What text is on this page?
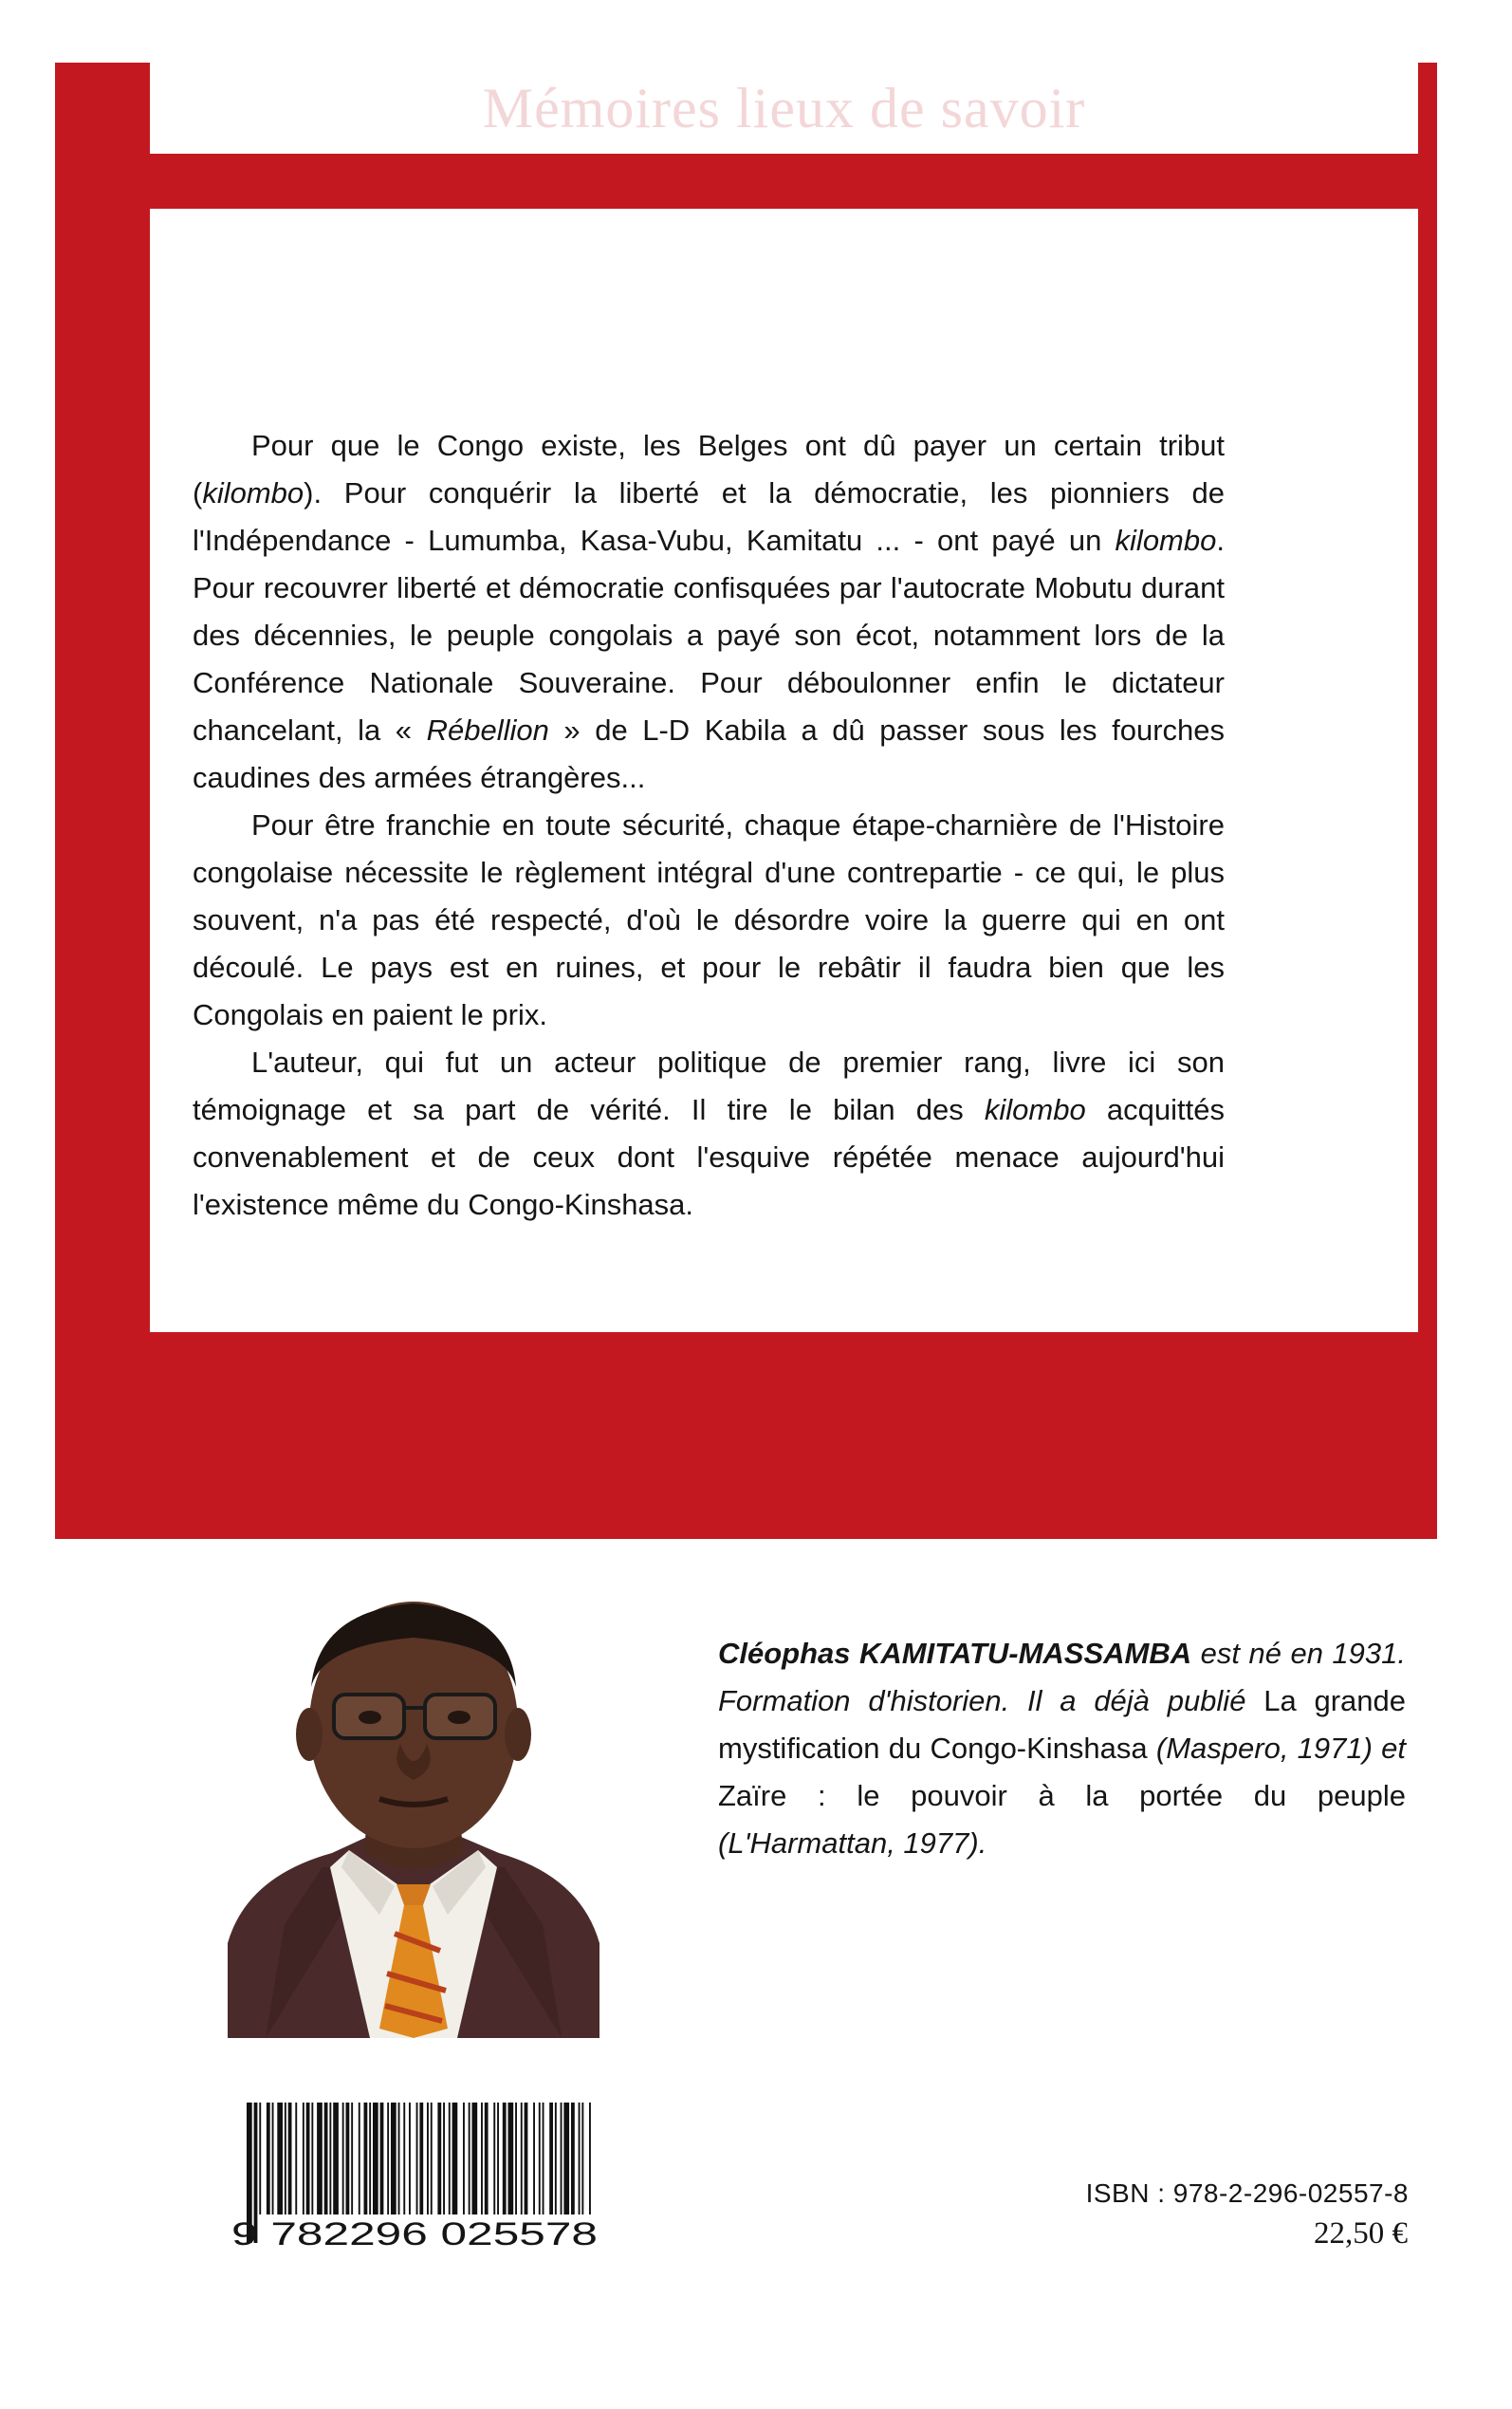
Mémoires lieux de savoir

Pour que le Congo existe, les Belges ont dû payer un certain tribut (kilombo). Pour conquérir la liberté et la démocratie, les pionniers de l'Indépendance - Lumumba, Kasa-Vubu, Kamitatu ... - ont payé un kilombo. Pour recouvrer liberté et démocratie confisquées par l'autocrate Mobutu durant des décennies, le peuple congolais a payé son écot, notamment lors de la Conférence Nationale Souveraine. Pour déboulonner enfin le dictateur chancelant, la « Rébellion » de L-D Kabila a dû passer sous les fourches caudines des armées étrangères...

Pour être franchie en toute sécurité, chaque étape-charnière de l'Histoire congolaise nécessite le règlement intégral d'une contrepartie - ce qui, le plus souvent, n'a pas été respecté, d'où le désordre voire la guerre qui en ont découlé. Le pays est en ruines, et pour le rebâtir il faudra bien que les Congolais en paient le prix.

L'auteur, qui fut un acteur politique de premier rang, livre ici son témoignage et sa part de vérité. Il tire le bilan des kilombo acquittés convenablement et de ceux dont l'esquive répétée menace aujourd'hui l'existence même du Congo-Kinshasa.

Cléophas KAMITATU-MASSAMBA est né en 1931. Formation d'historien. Il a déjà publié La grande mystification du Congo-Kinshasa (Maspero, 1971) et Zaïre : le pouvoir à la portée du peuple (L'Harmattan, 1977).
9 782296 025578
ISBN : 978-2-296-02557-8
22,50 €
